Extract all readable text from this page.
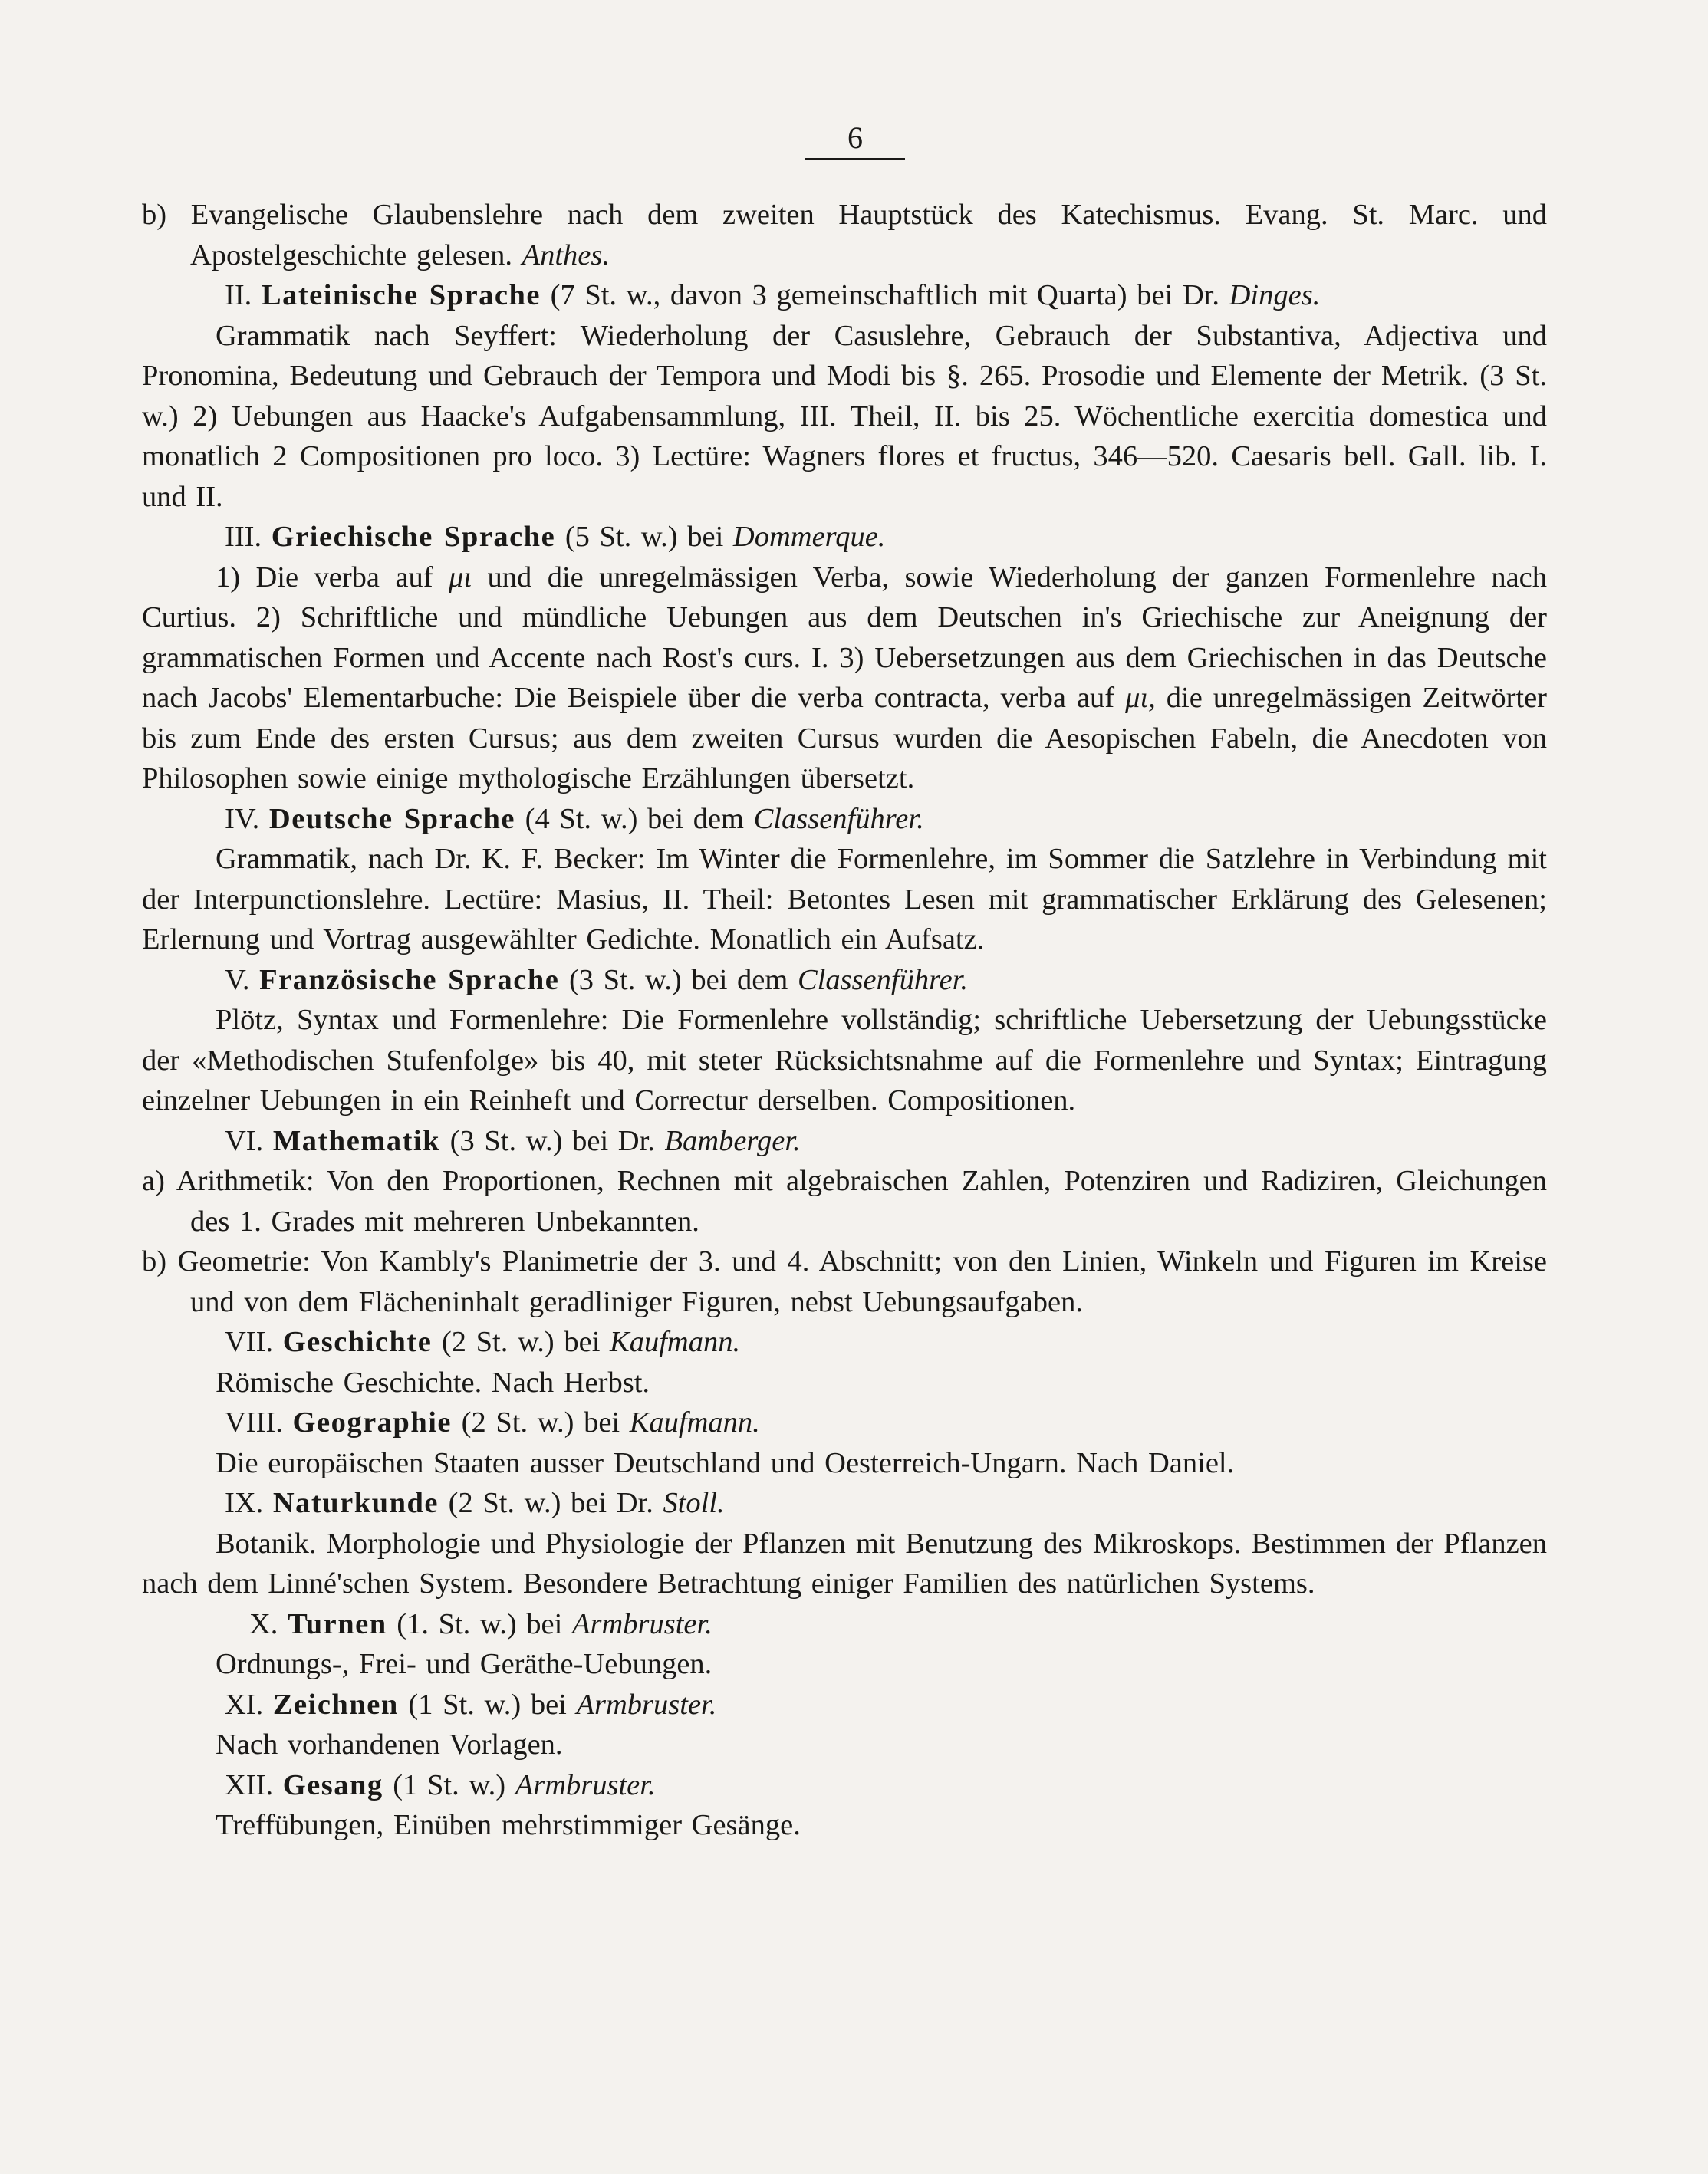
6

b) Evangelische Glaubenslehre nach dem zweiten Hauptstück des Katechismus. Evang. St. Marc. und Apostelgeschichte gelesen. Anthes.

II. Lateinische Sprache (7 St. w., davon 3 gemeinschaftlich mit Quarta) bei Dr. Dinges.

Grammatik nach Seyffert: Wiederholung der Casuslehre, Gebrauch der Substantiva, Adjectiva und Pronomina, Bedeutung und Gebrauch der Tempora und Modi bis §. 265. Prosodie und Elemente der Metrik. (3 St. w.) 2) Uebungen aus Haacke's Aufgabensammlung, III. Theil, II. bis 25. Wöchentliche exercitia domestica und monatlich 2 Compositionen pro loco. 3) Lectüre: Wagners flores et fructus, 346—520. Caesaris bell. Gall. lib. I. und II.

III. Griechische Sprache (5 St. w.) bei Dommerque.

1) Die verba auf μι und die unregelmässigen Verba, sowie Wiederholung der ganzen Formenlehre nach Curtius. 2) Schriftliche und mündliche Uebungen aus dem Deutschen in's Griechische zur Aneignung der grammatischen Formen und Accente nach Rost's curs. I. 3) Uebersetzungen aus dem Griechischen in das Deutsche nach Jacobs' Elementarbuche: Die Beispiele über die verba contracta, verba auf μι, die unregelmässigen Zeitwörter bis zum Ende des ersten Cursus; aus dem zweiten Cursus wurden die Aesopischen Fabeln, die Anecdoten von Philosophen sowie einige mythologische Erzählungen übersetzt.

IV. Deutsche Sprache (4 St. w.) bei dem Classenführer.

Grammatik, nach Dr. K. F. Becker: Im Winter die Formenlehre, im Sommer die Satzlehre in Verbindung mit der Interpunctionslehre. Lectüre: Masius, II. Theil: Betontes Lesen mit grammatischer Erklärung des Gelesenen; Erlernung und Vortrag ausgewählter Gedichte. Monatlich ein Aufsatz.

V. Französische Sprache (3 St. w.) bei dem Classenführer.

Plötz, Syntax und Formenlehre: Die Formenlehre vollständig; schriftliche Uebersetzung der Uebungsstücke der «Methodischen Stufenfolge» bis 40, mit steter Rücksichtsnahme auf die Formenlehre und Syntax; Eintragung einzelner Uebungen in ein Reinheft und Correctur derselben. Compositionen.

VI. Mathematik (3 St. w.) bei Dr. Bamberger.

a) Arithmetik: Von den Proportionen, Rechnen mit algebraischen Zahlen, Potenziren und Radiziren, Gleichungen des 1. Grades mit mehreren Unbekannten.

b) Geometrie: Von Kambly's Planimetrie der 3. und 4. Abschnitt; von den Linien, Winkeln und Figuren im Kreise und von dem Flächeninhalt geradliniger Figuren, nebst Uebungsaufgaben.

VII. Geschichte (2 St. w.) bei Kaufmann.

Römische Geschichte. Nach Herbst.

VIII. Geographie (2 St. w.) bei Kaufmann.

Die europäischen Staaten ausser Deutschland und Oesterreich-Ungarn. Nach Daniel.

IX. Naturkunde (2 St. w.) bei Dr. Stoll.

Botanik. Morphologie und Physiologie der Pflanzen mit Benutzung des Mikroskops. Bestimmen der Pflanzen nach dem Linné'schen System. Besondere Betrachtung einiger Familien des natürlichen Systems.

X. Turnen (1. St. w.) bei Armbruster.

Ordnungs-, Frei- und Geräthe-Uebungen.

XI. Zeichnen (1 St. w.) bei Armbruster.

Nach vorhandenen Vorlagen.

XII. Gesang (1 St. w.) Armbruster.

Treffübungen, Einüben mehrstimmiger Gesänge.
